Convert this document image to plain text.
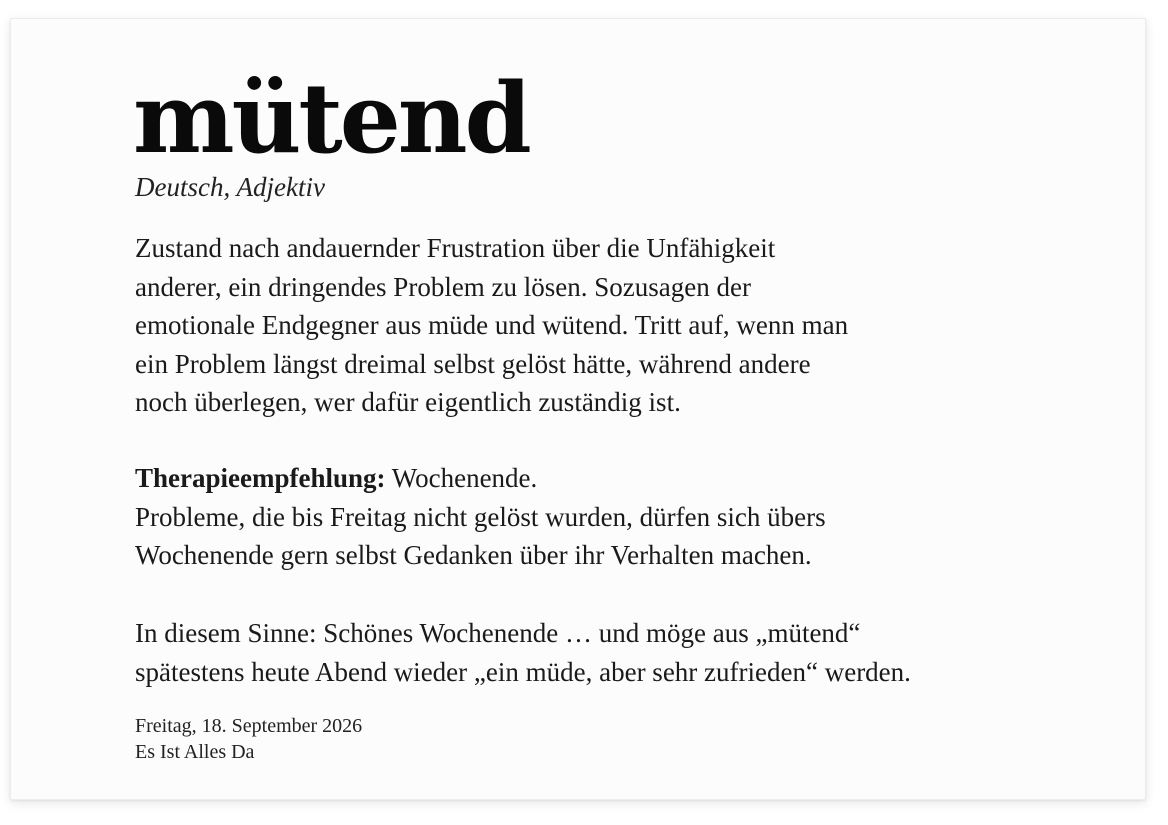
mütend
Deutsch, Adjektiv

Zustand nach andauernder Frustration über die Unfähigkeit
anderer, ein dringendes Problem zu lösen. Sozusagen der
emotionale Endgegner aus müde und wütend. Tritt auf, wenn man
ein Problem längst dreimal selbst gelöst hätte, während andere
noch überlegen, wer dafür eigentlich zuständig ist.

Therapieempfehlung: Wochenende.
Probleme, die bis Freitag nicht gelöst wurden, dürfen sich übers
Wochenende gern selbst Gedanken über ihr Verhalten machen.

In diesem Sinne: Schönes Wochenende … und möge aus „mütend“
spätestens heute Abend wieder „ein müde, aber sehr zufrieden“ werden.

Freitag, 18. September 2026
Es Ist Alles Da
